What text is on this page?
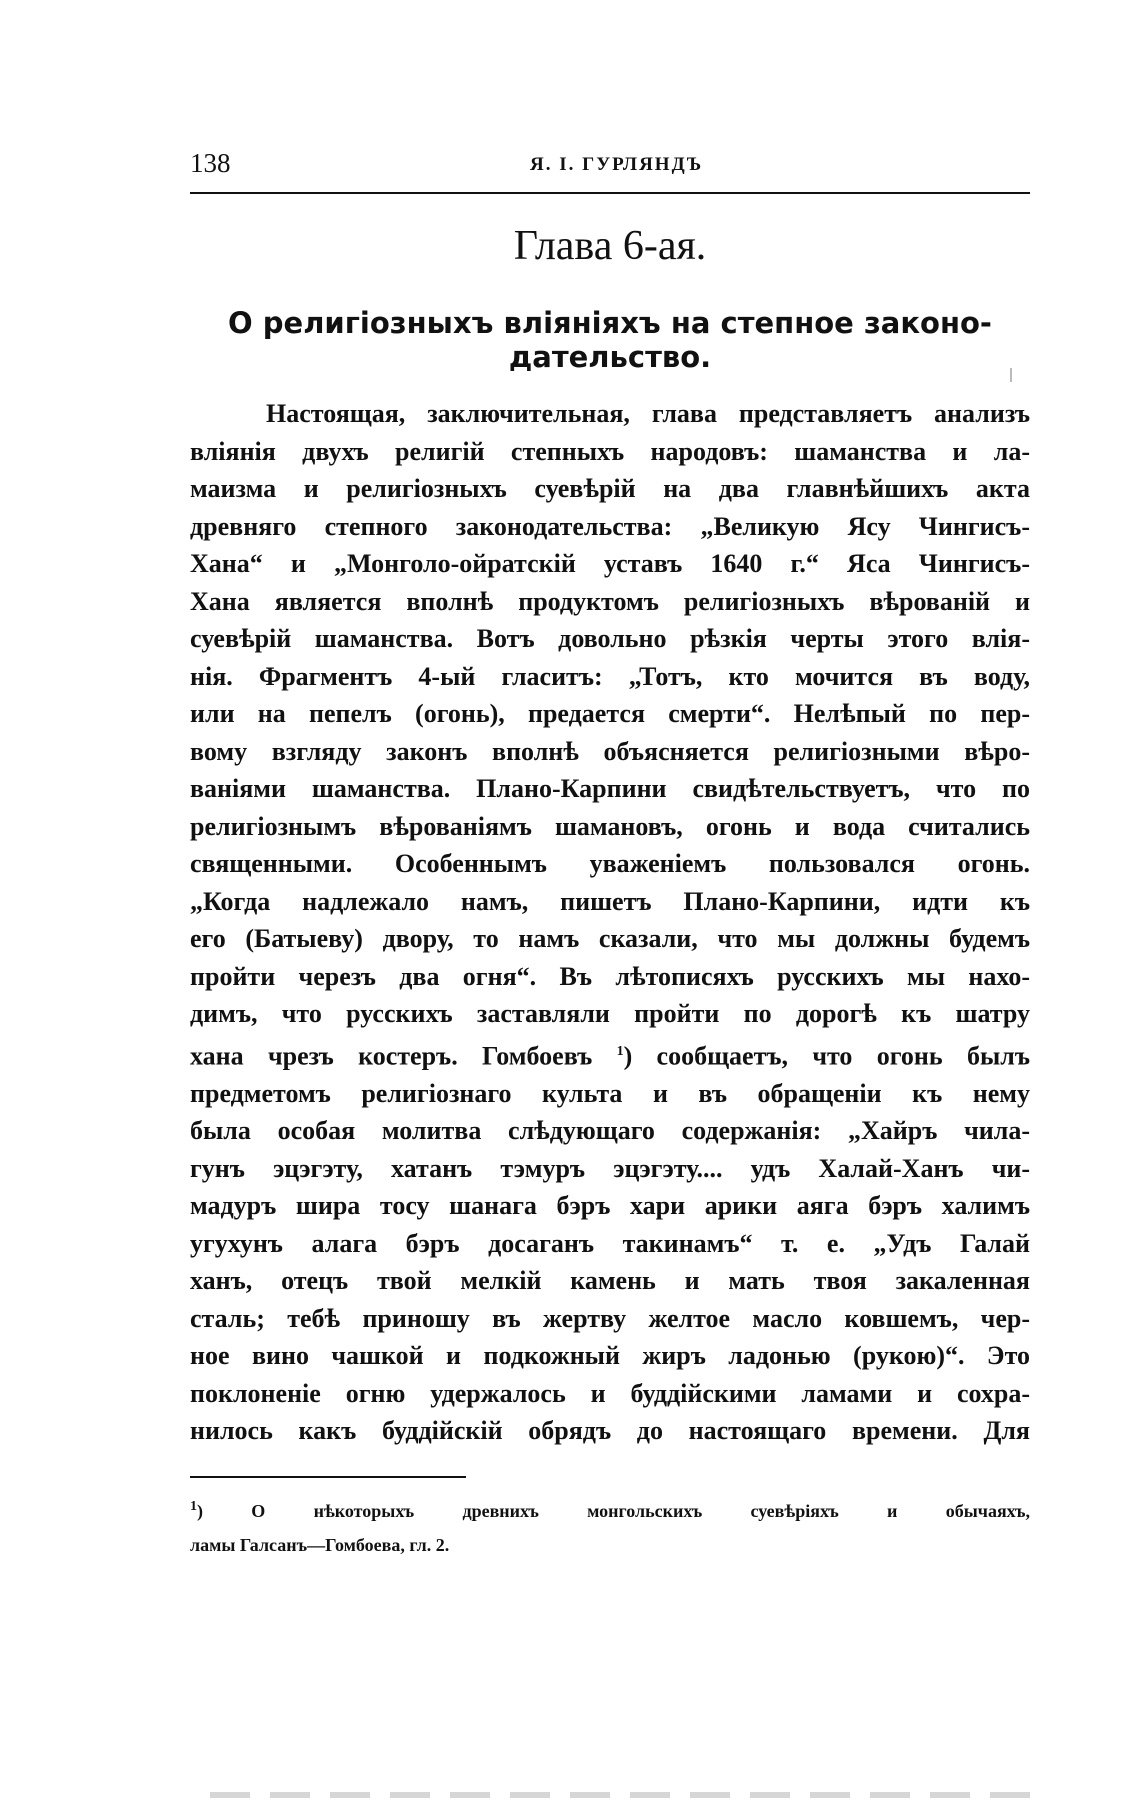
138	Я. І. ГУРЛЯНДЪ
Глава 6-ая.
О религіозныхъ вліяніяхъ на степное законо-
дательство.
Настоящая, заключительная, глава представляетъ анализъ
вліянія двухъ религій степныхъ народовъ: шаманства и ла-
маизма и религіозныхъ суевѣрій на два главнѣйшихъ акта
древняго степного законодательства: „Великую Ясу Чингисъ-
Хана“ и „Монголо-ойратскій уставъ 1640 г.“ Яса Чингисъ-
Хана является вполнѣ продуктомъ религіозныхъ вѣрованій и
суевѣрій шаманства. Вотъ довольно рѣзкія черты этого влія-
нія. Фрагментъ 4-ый гласитъ: „Тотъ, кто мочится въ воду,
или на пепелъ (огонь), предается смерти“. Нелѣпый по пер-
вому взгляду законъ вполнѣ объясняется религіозными вѣро-
ваніями шаманства. Плано-Карпини свидѣтельствуетъ, что по
религіознымъ вѣрованіямъ шамановъ, огонь и вода считались
священными. Особеннымъ уваженіемъ пользовался огонь.
„Когда надлежало намъ, пишетъ Плано-Карпини, идти къ
его (Батыеву) двору, то намъ сказали, что мы должны будемъ
пройти черезъ два огня“. Въ лѣтописяхъ русскихъ мы нахо-
димъ, что русскихъ заставляли пройти по дорогѣ къ шатру
хана чрезъ костеръ. Гомбоевъ $^1$) сообщаетъ, что огонь былъ
предметомъ религіознаго культа и въ обращеніи къ нему
была особая молитва слѣдующаго содержанія: „Хайръ чила-
гунъ эцэгэту, хатанъ тэмуръ эцэгэту.... удъ Халай-Ханъ чи-
мадуръ шира тосу шанага бэръ хари арики аяга бэръ халимъ
угухунъ алага бэръ досаганъ такинамъ“ т. е. „Удъ Галай
ханъ, отецъ твой мелкій камень и мать твоя закаленная
сталь; тебѣ приношу въ жертву желтое масло ковшемъ, чер-
ное вино чашкой и подкожный жиръ ладонью (рукою)“. Это
поклоненіе огню удержалось и буддійскими ламами и сохра-
нилось какъ буддійскій обрядъ до настоящаго времени. Для
$^1$) О нѣкоторыхъ древнихъ монгольскихъ суевѣріяхъ и обычаяхъ,
ламы Галсанъ—Гомбоева, гл. 2.
